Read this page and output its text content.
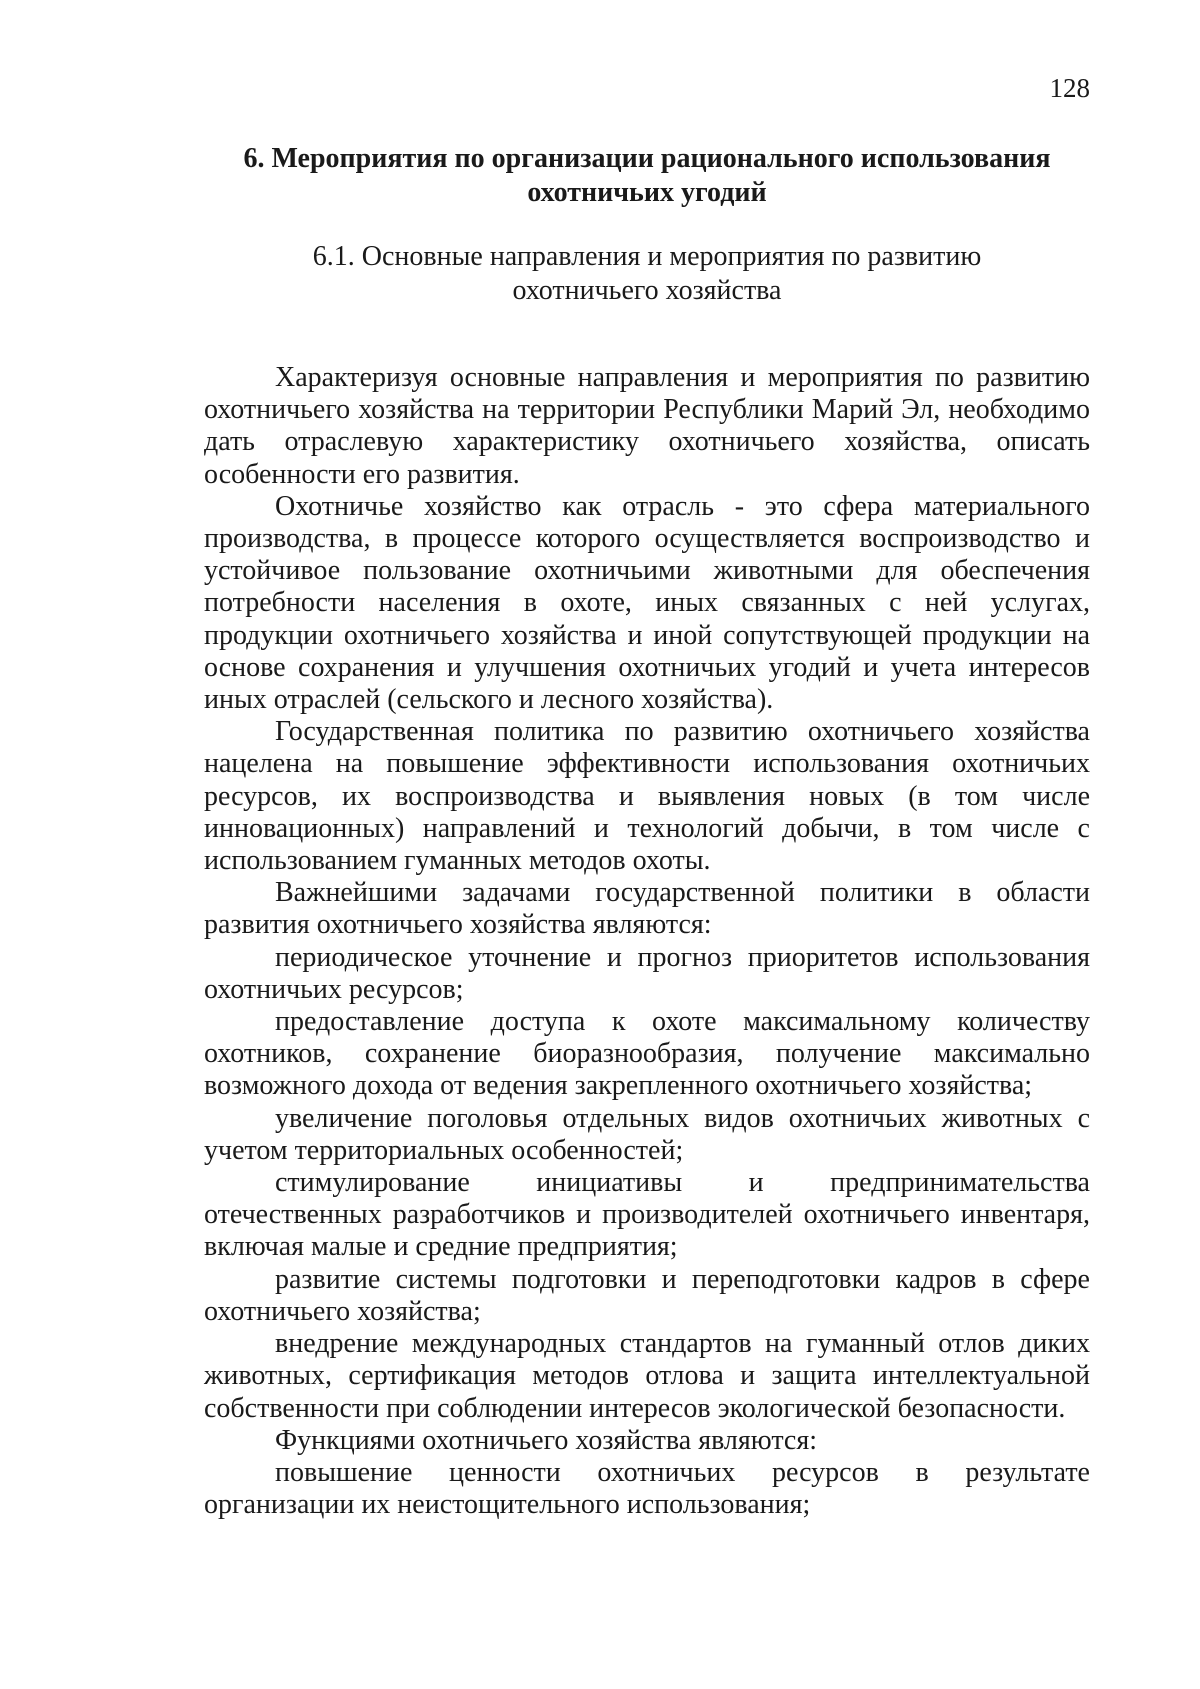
128
6. Мероприятия по организации рационального использования
охотничьих угодий
6.1. Основные направления и мероприятия по развитию
охотничьего хозяйства

Характеризуя основные направления и мероприятия по развитию охотничьего хозяйства на территории Республики Марий Эл, необходимо дать отраслевую характеристику охотничьего хозяйства, описать особенности его развития.

Охотничье хозяйство как отрасль - это сфера материального производства, в процессе которого осуществляется воспроизводство и устойчивое пользование охотничьими животными для обеспечения потребности населения в охоте, иных связанных с ней услугах, продукции охотничьего хозяйства и иной сопутствующей продукции на основе сохранения и улучшения охотничьих угодий и учета интересов иных отраслей (сельского и лесного хозяйства).

Государственная политика по развитию охотничьего хозяйства нацелена на повышение эффективности использования охотничьих ресурсов, их воспроизводства и выявления новых (в том числе инновационных) направлений и технологий добычи, в том числе с использованием гуманных методов охоты.

Важнейшими задачами государственной политики в области развития охотничьего хозяйства являются:

периодическое уточнение и прогноз приоритетов использования охотничьих ресурсов;

предоставление доступа к охоте максимальному количеству охотников, сохранение биоразнообразия, получение максимально возможного дохода от ведения закрепленного охотничьего хозяйства;

увеличение поголовья отдельных видов охотничьих животных с учетом территориальных особенностей;

стимулирование инициативы и предпринимательства отечественных разработчиков и производителей охотничьего инвентаря, включая малые и средние предприятия;

развитие системы подготовки и переподготовки кадров в сфере охотничьего хозяйства;

внедрение международных стандартов на гуманный отлов диких животных, сертификация методов отлова и защита интеллектуальной собственности при соблюдении интересов экологической безопасности.

Функциями охотничьего хозяйства являются:

повышение ценности охотничьих ресурсов в результате организации их неистощительного использования;
